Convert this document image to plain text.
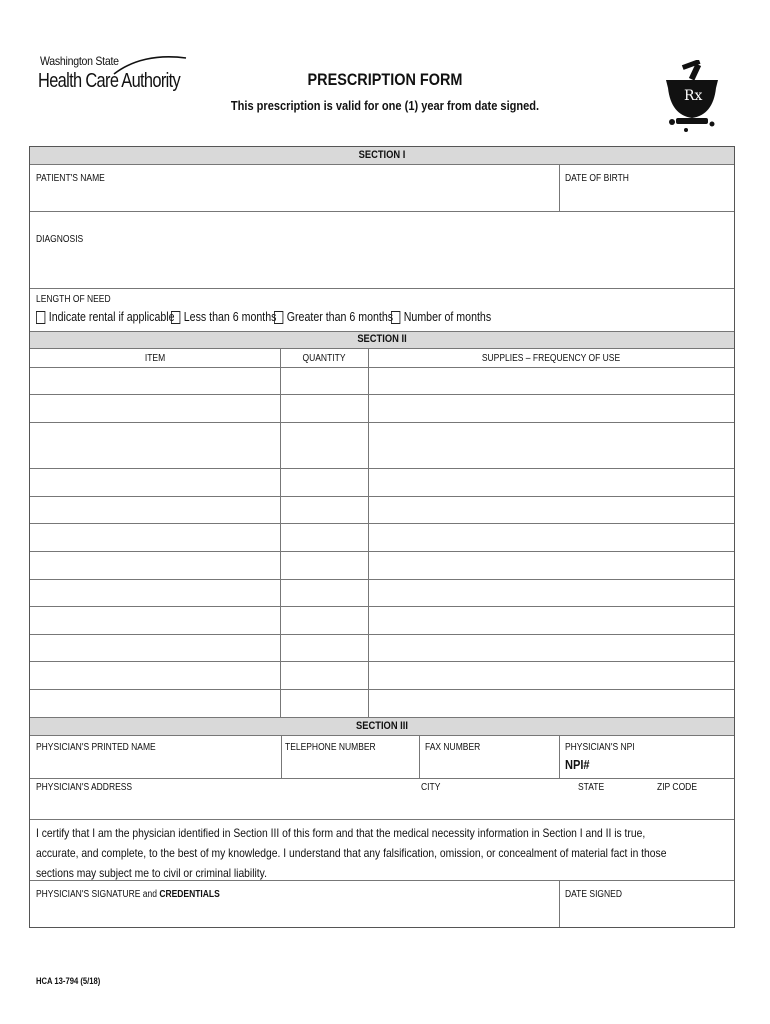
Washington State
Health Care Authority	PRESCRIPTION FORM
This prescription is valid for one (1) year from date signed.
Rx
SECTION I
PATIENT'S NAME	DATE OF BIRTH
DIAGNOSIS
LENGTH OF NEED
Indicate rental if applicable Less than 6 months Greater than 6 months Number of months
SECTION II
ITEM	QUANTITY	SUPPLIES – FREQUENCY OF USE
SECTION III
PHYSICIAN'S PRINTED NAME	TELEPHONE NUMBER	FAX NUMBER	PHYSICIAN'S NPI
NPI#
PHYSICIAN'S ADDRESS	CITY	STATE	ZIP CODE
I certify that I am the physician identified in Section III of this form and that the medical necessity information in Section I and II is true, accurate, and complete, to the best of my knowledge. I understand that any falsification, omission, or concealment of material fact in those sections may subject me to civil or criminal liability.
PHYSICIAN'S SIGNATURE and CREDENTIALS	DATE SIGNED
HCA 13-794 (5/18)
